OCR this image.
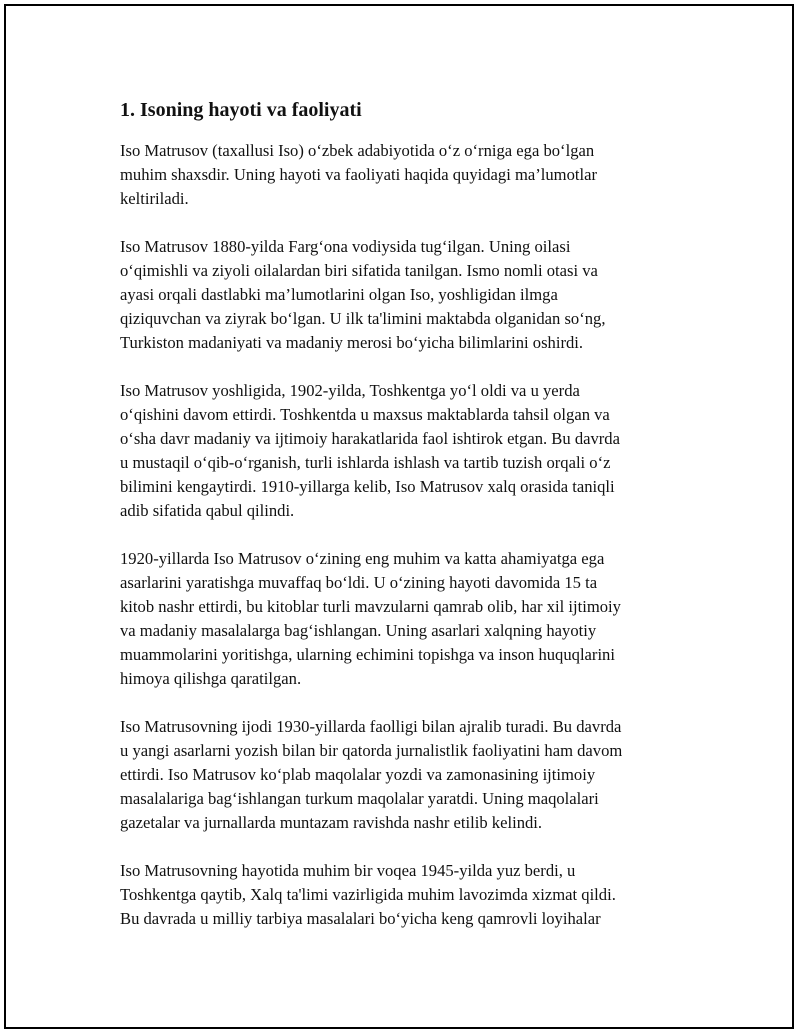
1. Isoning hayoti va faoliyati

Iso Matrusov (taxallusi Iso) o‘zbek adabiyotida o‘z o‘rniga ega bo‘lgan
muhim shaxsdir. Uning hayoti va faoliyati haqida quyidagi ma’lumotlar
keltiriladi.

Iso Matrusov 1880-yilda Farg‘ona vodiysida tug‘ilgan. Uning oilasi
o‘qimishli va ziyoli oilalardan biri sifatida tanilgan. Ismo nomli otasi va
ayasi orqali dastlabki ma’lumotlarini olgan Iso, yoshligidan ilmga
qiziquvchan va ziyrak bo‘lgan. U ilk ta'limini maktabda olganidan so‘ng,
Turkiston madaniyati va madaniy merosi bo‘yicha bilimlarini oshirdi.

Iso Matrusov yoshligida, 1902-yilda, Toshkentga yo‘l oldi va u yerda
o‘qishini davom ettirdi. Toshkentda u maxsus maktablarda tahsil olgan va
o‘sha davr madaniy va ijtimoiy harakatlarida faol ishtirok etgan. Bu davrda
u mustaqil o‘qib-o‘rganish, turli ishlarda ishlash va tartib tuzish orqali o‘z
bilimini kengaytirdi. 1910-yillarga kelib, Iso Matrusov xalq orasida taniqli
adib sifatida qabul qilindi.

1920-yillarda Iso Matrusov o‘zining eng muhim va katta ahamiyatga ega
asarlarini yaratishga muvaffaq bo‘ldi. U o‘zining hayoti davomida 15 ta
kitob nashr ettirdi, bu kitoblar turli mavzularni qamrab olib, har xil ijtimoiy
va madaniy masalalarga bag‘ishlangan. Uning asarlari xalqning hayotiy
muammolarini yoritishga, ularning echimini topishga va inson huquqlarini
himoya qilishga qaratilgan.

Iso Matrusovning ijodi 1930-yillarda faolligi bilan ajralib turadi. Bu davrda
u yangi asarlarni yozish bilan bir qatorda jurnalistlik faoliyatini ham davom
ettirdi. Iso Matrusov ko‘plab maqolalar yozdi va zamonasining ijtimoiy
masalalariga bag‘ishlangan turkum maqolalar yaratdi. Uning maqolalari
gazetalar va jurnallarda muntazam ravishda nashr etilib kelindi.

Iso Matrusovning hayotida muhim bir voqea 1945-yilda yuz berdi, u
Toshkentga qaytib, Xalq ta'limi vazirligida muhim lavozimda xizmat qildi.
Bu davrada u milliy tarbiya masalalari bo‘yicha keng qamrovli loyihalar
